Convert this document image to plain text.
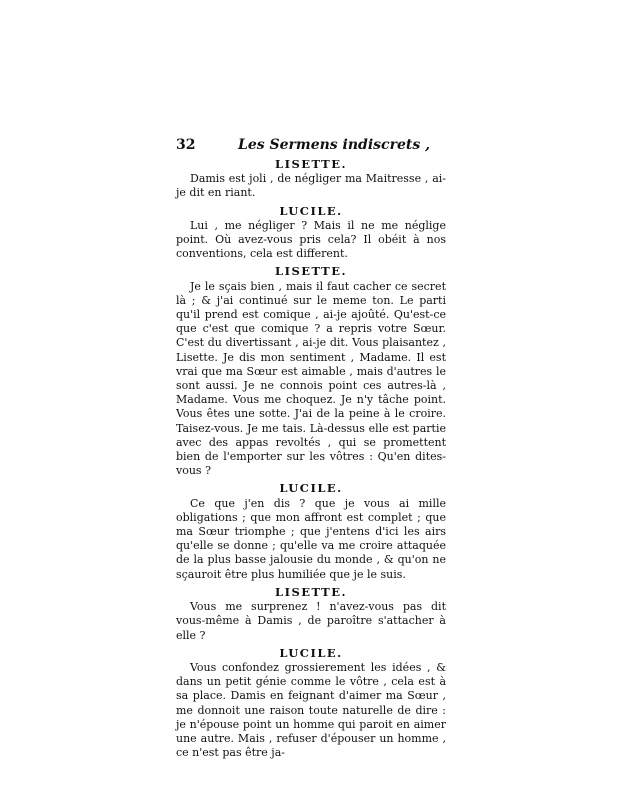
32	Les Sermens indiscrets ,
LISETTE.

Damis est joli , de négliger ma Maitresse , ai-je dit en riant.

LUCILE.

Lui , me négliger ? Mais il ne me néglige point. Où avez-vous pris cela? Il obéit à nos conventions, cela est different.

LISETTE.

Je le sçais bien , mais il faut cacher ce secret là ; & j'ai continué sur le meme ton. Le parti qu'il prend est comique , ai-je ajoûté. Qu'est-ce que c'est que comique ? a repris votre Sœur. C'est du divertissant , ai-je dit. Vous plaisantez , Lisette. Je dis mon sentiment , Madame. Il est vrai que ma Sœur est aimable , mais d'autres le sont aussi. Je ne connois point ces autres-là , Madame. Vous me choquez. Je n'y tâche point. Vous êtes une sotte. J'ai de la peine à le croire. Taisez-vous. Je me tais. Là-dessus elle est partie avec des appas revoltés , qui se promettent bien de l'emporter sur les vôtres : Qu'en dites-vous ?

LUCILE.

Ce que j'en dis ? que je vous ai mille obligations ; que mon affront est complet ; que ma Sœur triomphe ; que j'entens d'ici les airs qu'elle se donne ; qu'elle va me croire attaquée de la plus basse jalousie du monde , & qu'on ne sçauroit être plus humiliée que je le suis.

LISETTE.

Vous me surprenez ! n'avez-vous pas dit vous-même à Damis , de paroître s'attacher à elle ?

LUCILE.

Vous confondez grossierement les idées , & dans un petit génie comme le vôtre , cela est à sa place. Damis en feignant d'aimer ma Sœur , me donnoit une raison toute naturelle de dire : je n'épouse point un homme qui paroit en aimer une autre. Mais , refuser d'épouser un homme , ce n'est pas être ja-
